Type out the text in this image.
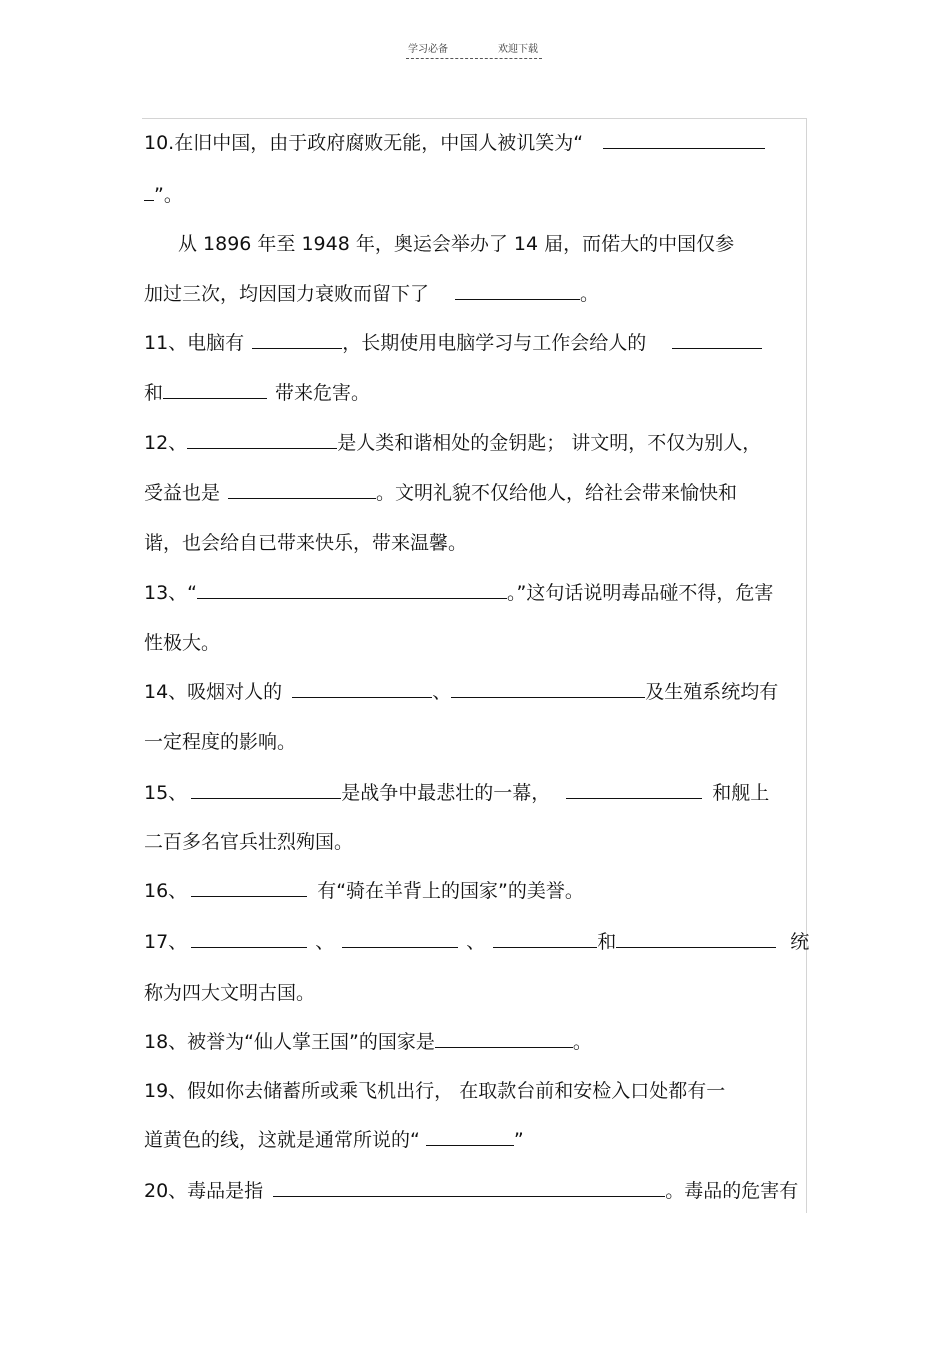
学习必备	欢迎下载
10.在旧中国，由于政府腐败无能，中国人被讥笑为“
”。
从 1896 年至 1948 年，奥运会举办了 14 届，而偌大的中国仅参
加过三次，均因国力衰败而留下了	。
11、电脑有	，长期使用电脑学习与工作会给人的
和	带来危害。
12、	是人类和谐相处的金钥匙； 讲文明，不仅为别人，
受益也是	。文明礼貌不仅给他人，给社会带来愉快和
谐，也会给自已带来快乐，带来温馨。
13、“	。”这句话说明毒品碰不得，危害
性极大。
14、吸烟对人的	、	及生殖系统均有
一定程度的影响。
15、	是战争中最悲壮的一幕，	和舰上
二百多名官兵壮烈殉国。
16、	有“骑在羊背上的国家”的美誉。
17、	、	、	和	统
称为四大文明古国。
18、被誉为“仙人掌王国”的国家是	。
19、假如你去储蓄所或乘飞机出行， 在取款台前和安检入口处都有一
道黄色的线，这就是通常所说的“	”
20、毒品是指	。毒品的危害有
